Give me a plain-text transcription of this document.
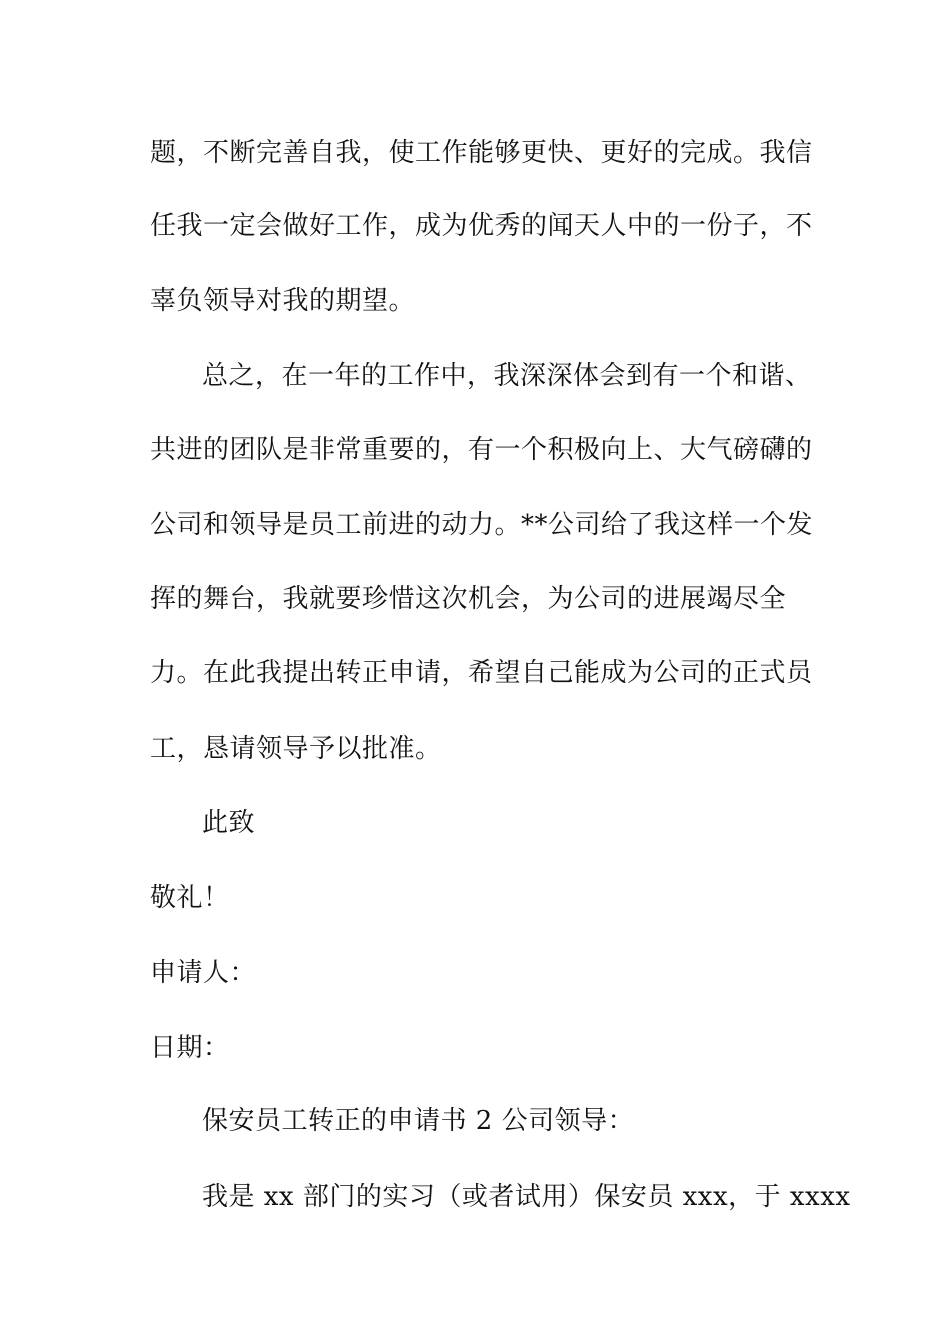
题，不断完善自我，使工作能够更快、更好的完成。我信
任我一定会做好工作，成为优秀的闻天人中的一份子，不
辜负领导对我的期望。
总之，在一年的工作中，我深深体会到有一个和谐、
共进的团队是非常重要的，有一个积极向上、大气磅礴的
公司和领导是员工前进的动力。**公司给了我这样一个发
挥的舞台，我就要珍惜这次机会，为公司的进展竭尽全
力。在此我提出转正申请，希望自己能成为公司的正式员
工，恳请领导予以批准。
此致
敬礼！
申请人：
日期：
保安员工转正的申请书 2 公司领导：
我是 xx 部门的实习（或者试用）保安员 xxx，于 xxxx
